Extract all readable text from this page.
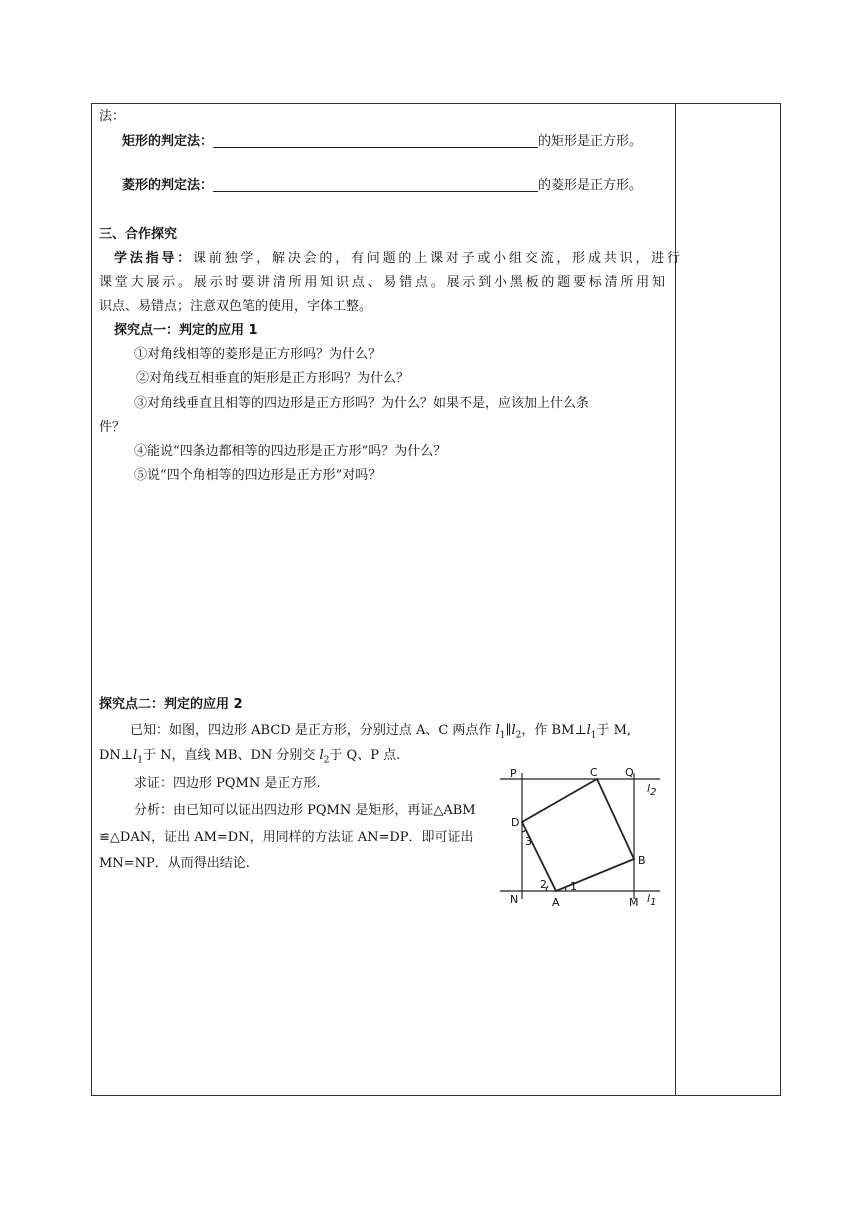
法：
矩形的判定法：	的矩形是正方形。
菱形的判定法：	的菱形是正方形。
三、合作探究
学法指导：课前独学，解决会的，有问题的上课对子或小组交流，形成共识，进行
课堂大展示。展示时要讲清所用知识点、易错点。展示到小黑板的题要标清所用知
识点、易错点；注意双色笔的使用，字体工整。
探究点一：判定的应用 1
①对角线相等的菱形是正方形吗？为什么？
②对角线互相垂直的矩形是正方形吗？为什么？
③对角线垂直且相等的四边形是正方形吗？为什么？如果不是，应该加上什么条
件？
④能说“四条边都相等的四边形是正方形”吗？为什么？
⑤说“四个角相等的四边形是正方形”对吗？
探究点二：判定的应用 2
已知：如图，四边形 ABCD 是正方形，分别过点 A、C 两点作 $l_1\parallel l_2$，作 $BM\perp l_1$于 M,
$DN\perp l_1$于 N，直线 MB、DN 分别交 $l_2$于 Q、P 点.
求证：四边形 PQMN 是正方形.
分析：由已知可以证出四边形 PQMN 是矩形，再证△ABM
≌△DAN，证出 AM=DN，用同样的方法证 AN=DP．即可证出
MN=NP．从而得出结论.
P	C Q
D
B
N	A	M
l2
l1
1
2
3
